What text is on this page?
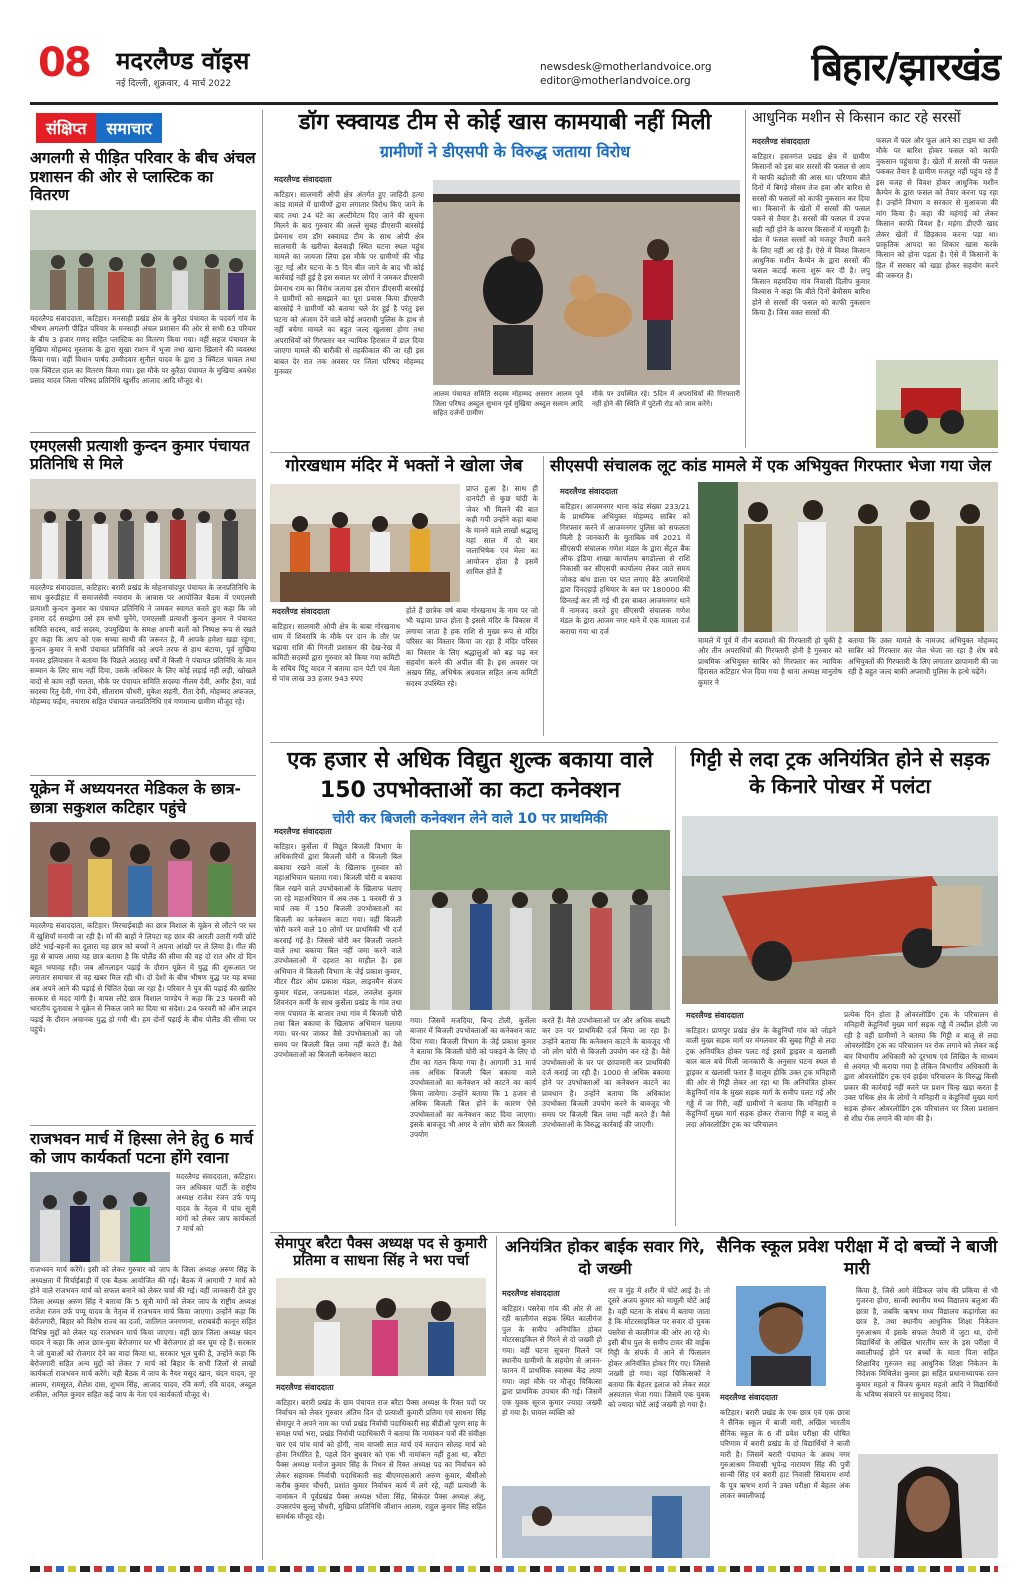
08 मदरलैण्ड वॉइस
नई दिल्ली, शुक्रवार, 4 मार्च 2022
newsdesk@motherlandvoice.org
editor@motherlandvoice.org	बिहार/झारखंड
संक्षिप्त समाचार
अगलगी से पीड़ित परिवार के बीच अंचल प्रशासन की ओर से प्लास्टिक का वितरण
मदरलैण्ड संवाददाता, कटिहार। मनसाही प्रखंड क्षेत्र के कुरैठा पंचायत के पदवर्ग गांव के भीषण अगलगी पीड़ित परिवार के मनसाही अंचल प्रशासन की ओर से सभी 63 परिवार के बीच 3 हजार गणद सहित प्लास्टिक का वितरण किया गया। वहीं सहज पंचायत के मुखिया मोहम्मद मुस्ताक के द्वारा सूखा राशन में भूजा तथा खाना खिलाने की व्यवस्था किया गया। वहीं विधान पार्षद उम्मीदवार सुनील यादव के द्वारा 3 क्विंटल चावल तथा एक क्विंटल दाल का वितरण किया गया। इस मौके पर कुरैठा पंचायत के मुखिया अवधेश प्रसाद यादव जिला परिषद प्रतिनिधि खुर्शीद आजाद आदि मौजूद थे।
एमएलसी प्रत्याशी कुन्दन कुमार पंचायत प्रतिनिधि से मिले
मदरलैण्ड संवाददाता, कटिहार। बरारी प्रखंड के मोहनाचांदपुर पंचायत के जनप्रतिनिधि के साथ कुरुडीहाट में समाजसेवी नयाराम के आवास पर आयोजित बैठक में एमएलसी प्रत्याशी कुन्दन कुमार का पंचायत प्रतिनिधि ने जमकर स्वागत करते हुए कहा कि जो हमारा दर्द समझेगा उसे हम सभी चुनेंगे, एमएलसी प्रत्याशी कुन्दन कुमार ने पंचायत समिति सदस्य, वार्ड सदस्य, उपमुखिया के समक्ष अपनी बातों को निष्पक्ष रूप से रखते हुए कहा कि आप को एक सच्चा साथी की जरूरत है, मैं आपके हमेशा खड़ा रहूंगा, कुन्दन कुमार ने सभी पंचायत प्रतिनिधि को अपने तरफ से हाथ बंटाया, पूर्व मुखिया मनवर इलियासन ने बताया कि पिछले अठारह वर्षों में किसी ने पंचायत प्रतिनिधि के मान सम्मान के लिए साथ नहीं दिया, उसके अधिकार के लिए कोई लड़ाई नहीं लड़ी, खोखले वादों से काम नहीं चलता, मौके पर पंचायत समिति सदस्या नीलम देवी, अमीर हैया, वार्ड सदस्या रितु देवी, गंगा देवी, सीताराम चौधरी, मुकेश सहनी, रीता देवी, मोहम्मद अफजल, मोहम्मद फईम, नयाराम सहित पंचायत जनप्रतिनिधि एवं गणमान्य ग्रामीण मौजूद रहे।
यूक्रेन में अध्ययनरत मेडिकल के छात्र-छात्रा सकुशल कटिहार पहुंचे
मदरलैण्ड संवाददाता, कटिहार। मिरचाईबाड़ी का छात्र विशाल के यूक्रेन से लौटने पर घर में खुशियाँ मनायी जा रही है। माँ की बाहों ने लिपटा यह छात्र की आरती उतारी गयी छोटे छोटे भाई-बहनों का दुलारा यह छात्र को बच्चों ने अपना आंखों पर ले लिया है। गीत की मुह से बापस आया यह छात्र बताया है कि पोलैंड की सीमा की वह दो रात और दो दिन बहुत भयावह रही। जब ऑनलाइन पढ़ाई के दौरान यूक्रेन में युद्ध की शुरूआत पर लगातार समाचार से वह खबर मिल रही थी। दो देशों के बीच भीषण युद्ध पर यह बच्चा अब अपने आने की पढ़ाई से चिंतित देखा जा रहा है। परिवार ने पुत्र की पढ़ाई की खातिर सरकार से मदद मांगी है। वापस लौटे छात्र विशाल पाण्डेय ने कहा कि 23 फरवरी को भारतीय दूतावास ने यूक्रेन से निकल जाने का दिया था संदेश। 24 फरवरी को ऑन लाइन पढ़ाई के दौरान अचानक युद्ध हो गयी थी। हम दोनों पढ़ाई के बीच पोलैंड की सीमा पर पहुंचे।
राजभवन मार्च में हिस्सा लेने हेतु 6 मार्च को जाप कार्यकर्ता पटना होंगे रवाना
मदरलैण्ड संवाददाता, कटिहार। जन अधिकार पार्टी के राष्ट्रीय अध्यक्ष राजेश रंजन उर्फ पप्पू यादव के नेतृत्व में पांच सूत्री मांगों को लेकर जाप कार्यकर्ता 7 मार्च को
राजभवन मार्च करेंगे। इसी को लेकर गुरुवार को जाप के जिला अध्यक्ष अरुण सिंह के अध्यक्षता में मिर्चाईबाड़ी में एक बैठक आयोजित की गई। बैठक में आगामी 7 मार्च को होने वाले राजभवन मार्च को सफल बनाने को लेकर चर्चा की गई। वहीं जानकारी देते हुए जिला अध्यक्ष अरुण सिंह ने बताया कि 5 सूत्री मांगों को लेकर जाप के राष्ट्रीय अध्यक्ष राजेश रंजन उर्फ पप्पू यादव के नेतृत्व में राजभवन मार्च किया जाएगा। उन्होंने कहा कि बेरोजगारी, बिहार को विशेष राज्य का दर्जा, जातिगत जनगणना, शराबबंदी कानून सहित विभिन्न मुद्दों को लेकर यह राजभवन मार्च किया जाएगा। वहीं छात्र जिला अध्यक्ष चंदन यादव ने कहा कि आज छात्र-युवा बेरोजगार घर भी बेरोजगार हो कर घूम रहे हैं। सरकार ने जो युवाओं को रोजगार देने का वादा किया था, सरकार भूल चुकी है, उन्होंने कहा कि बेरोजगारी सहित अन्य मुद्दों को लेकर 7 मार्च को बिहार के सभी जिलों से लाखों कार्यकर्ता राजभवन मार्च करेंगे। वही बैठक में जाप के नैयर मसूद खान, चंदन यादव, नूर आलम, रामसूरत, शैलेश दास, शुभम सिंह, आजाद यादव, रवि कर्ण, रवि यादव, अब्दुल शकील, अनिल कुमार सहित कई जाप के नेता एवं कार्यकर्ता मौजूद थे।
डॉग स्क्वायड टीम से कोई खास कामयाबी नहीं मिली
ग्रामीणों ने डीएसपी के विरुद्ध जताया विरोध
मदरलैण्ड संवाददाता
कटिहार। सालमारी ओपी क्षेत्र अंतर्गत हुए जाहिदी हत्या कांड मामले में ग्रामीणों द्वारा लगातार विरोध किए जाने के बाद तथा 24 घंटे का अल्टीमेटम दिए जाने की सूचना मिलने के बाद गुरुवार की अल्ले सुबह डीएसपी बारसोई प्रेमनाथ राम डॉग स्क्वायड टीम के साथ ओपी क्षेत्र सालमारी के खरीफा बेलवाड़ी स्थित घटना स्थल पहुंच मामले का जायजा लिया इस मौके पर ग्रामीणों की भीड़ जुट गई और घटना के 5 दिन बीत जाने के बाद भी कोई कार्रवाई नहीं हुई है इस सवाल पर लोगों ने जमकर डीएसपी प्रेमनाथ राम का विरोध जताया इस दौरान डीएसपी बारसोई ने ग्रामीणों को समझाने का पूरा प्रयास किया डीएसपी बारसोई ने ग्रामीणों को बताया चले देर हुई है परंतु इस घटना को अंजाम देने वाले कोई अपराधी पुलिस के हाथ से नहीं बचेगा मामले का बहुत जल्द खुलासा होगा तथा अपराधियों को गिरफ्तार कर न्यायिक हिरासत में डाल दिया जाएगा मामले की बारीकी से तहकीकात की जा रही इस बाबत देर रात तक अवसर पर जिला परिषद मोहम्मद मुनव्वर
आलम पंचायत समिति सदस्य मोहम्मद असरार आलम पूर्व जिला परिषद अब्दुल सुभान पूर्व मुखिया अब्दुल सलाम आदि सहित दर्जनों ग्रामीण
मौके पर उपस्थित रहे। 5दिन में अपराधियों की गिरफ्तारी नहीं होने की स्थिति में पुटेली रोड को जाम करेंगे।
आधुनिक मशीन से किसान काट रहे सरसों
मदरलैण्ड संवाददाता
कटिहार। हसनगंज प्रखंड क्षेत्र में ग्रामीण किसानों को इस बार सरसों की फसल से आय में काफी बढ़ोतरी की आस था। परिणाम बीते दिनों में बिगड़े मौसम तेज हवा और बारिश से सरसों की फसलों को काफी नुकसान कर दिया था। किसानों के खेतों में सरसों की फसल पकने से तैयार है। सरसों की फसल में उपज सही नहीं होने के कारण किसानों में मायूसी है। खेत में फसल सरसों को मजदूर तैयारी करने के लिए नहीं आ रहे हैं। ऐसे में विवश किसान आधुनिक मशीन कैम्पेन के द्वारा सरसों की फसल कटाई करना शुरू कर दी है। लपु किसान महमदिया गांव निवासी दिलीप कुमार विश्वास ने कहा कि बीते दिनों बेमौसम बारिश होने से सरसों की फसल को काफी नुकसान किया है। जिस वक्त सरसों की
फसल में फल और फूल आने का टाइम था उसी मौके पर बारिश होकर फसल को काफी नुकसान पहुंचाया है। खेतों में सरसों की फसल पककर तैयार है ग्रामीण मजदूर नहीं पहुंच रहे हैं इस वजह से विवश होकर आधुनिक मशीन कैम्पेन के द्वारा फसल को तैयार करना पड़ रहा है। उन्होंने विभाग व सरकार से मुआवजा की मांग किया है। कहा की महंगाई को लेकर किसान काफी विवश है। महंगा डीएपी खाद लेकर खेतों में छिड़काव करना पड़ा था। प्राकृतिक आपदा का शिकार खास करके किसान को होना पड़ता है। ऐसे में किसानों के हित में सरकार को खड़ा होकर सहयोग करने की जरूरत है।
गोरखधाम मंदिर में भक्तों ने खोला जेब
प्राप्त हुआ है। साथ ही दानपेटी से कुछ चांदी के जेवर भी मिलने की बात कही गयी उन्होंने कहा बाबा के मानने वाले लाखों श्रद्धालु यहां साल में दो बार जलाभिषेक एवं मेला का आयोजन होता है इसमें शामिल होते हैं
मदरलैण्ड संवाददाता
कटिहार। सालमारी ओपी क्षेत्र के बाबा गोरखनाथ धाम में शिवरात्रि के मौके पर दान के तौर पर चढ़ावा राशि की गिनती प्रशासन की देख-रेख में कमिटी सदस्यों द्वारा गुरुवार को किया गया कमिटी के सचिव पिंटू यादव ने बताया दान पेटी एवं मेला से पांच लाख 33 हजार 943 रुपए
होते हैं छात्रेक वर्ष बाबा गोरखनाथ के नाम पर जो भी चढ़ावा प्राप्त होता है इससे मंदिर के विकास में लगाया जाता है हक राशि से मुख्य रूप से मंदिर परिसर का विस्तार किया जा रहा है मंदिर परिसर का विस्तार के लिए श्रद्धालुओं को बढ़ चढ़ कर सहयोग करने की अपील की है। इस अवसर पर अखय सिंह, अभिषेक अग्रवाल सहित अन्य कमिटी सदस्य उपस्थित रहे।
सीएसपी संचालक लूट कांड मामले में एक अभियुक्त गिरफ्तार भेजा गया जेल
मदरलैण्ड संवाददाता
कटिहार। आजमनगर थाना कांड संख्या 233/21 के प्राथमिक अभियुक्त मोहम्मद साबिर को गिरफ्तार करने में आजमनगर पुलिस को सफलता मिली है जानकारी के मुताबिक वर्ष 2021 में सीएसपी संचालक गणेश मंडल के द्वारा सेंट्रल बैंक ऑफ इंडिया शाखा कार्यालय बगडोल्ला से राशि निकासी कर सीएसपी कार्यालय लेकर जाते समय जोकड़ बांध डाला पर घात लगाए बैठे अपराधियों द्वारा दिनदहाड़े हथियार के बल पर 180000 की छिनतई कर ली गई थी इस बाबत आजमनगर थाने में नामजद करते हुए सीएसपी संचालक गणेश मंडल के द्वारा आजम नगर थाने में एक मामला दर्ज कराया गया था दर्ज
मामले में पूर्व में तीन बदमाशों की गिरफ्तारी हो चुकी है और तीन अपराधियों की गिरफ्तारी होनी है गुरुवार को प्राथमिक अभियुक्त साबिर को गिरफ्तार कर न्यायिक हिरासत कटिहार भेज दिया गया है थाना अध्यक्ष मानुतोष कुमार ने
बताया कि उक्त मामले के नामजद अभियुक्त मोहम्मद साबिर को गिरफ्तार कर जेल भेजा जा रहा है शेष बचे अभियुक्तों की गिरफ्तारी के लिए लगातार छापामारी की जा रही है बहुत जल्द बाकी अपराधी पुलिस के हत्थे चढ़ेंगे।
एक हजार से अधिक विद्युत शुल्क बकाया वाले 150 उपभोक्ताओं का कटा कनेक्शन
चोरी कर बिजली कनेक्शन लेने वाले 10 पर प्राथमिकी
मदरलैण्ड संवाददाता
कटिहार। कुर्सेला में विद्युत बिजली विभाग के अधिकारियों द्वारा बिजली चोरी व बिजली बिल बकाया रखने वालों के खिलाफ गुरुवार को महाअभियान चलाया गया। बिजली चोरी व बकाया बिल रखने वाले उपभोक्ताओं के खिलाफ चलाए जा रहे महाअभियान में अब तक 1 फरवरी से 3 मार्च तक में 150 बिजली उपभोक्ताओं का बिजली का कनेक्शन काटा गया। वहीं बिजली चोरी करने वाले 10 लोगों पर प्राथमिकी भी दर्ज करवाई गई है। जिससे चोरी कर बिजली जलाने वाले तथा बकाया बिल नहीं जमा करने वाले उपभोक्ताओं में दहशत का माहौल है। इस अभियान में बिजली विभाग के जेई प्रकाश कुमार, मीटर रीडर ओम प्रकाश मंडल, लाइनमैन संजय कुमार मंडल, जनप्रकाश मंडल, लवलेश कुमार शिवनंदन कर्मी के साथ कुर्सेला प्रखंड के गांव तथा नगर पंचायत के बाजार तथा गांव में बिजली चोरी तथा बिल बकाया के खिलाफ अभियान चलाया गया। घर-घर जाकर वैसे उपभोक्ताओं का जो समय पर बिजली बिल जमा नहीं करते हैं। वैसे उपभोक्ताओं का बिजली कनेक्शन काटा
गया। जिसमें मजदिया, बिन्द टोली, कुर्सेला बाजार में बिजली उपभोक्ताओं का कनेक्शन काट दिया गया। बिजली विभाग के जेई प्रकाश कुमार ने बताया कि बिजली चोरी को पकड़ने के लिए दो टीम का गठन किया गया है। आगामी 31 मार्च तक अधिक बिजली बिल बकाया वाले उपभोक्ताओं का कनेक्शन को काटने का कार्य किया जायेगा। उन्होंने बताया कि 1 हजार से अधिक बिजली बिल होने के कारण ऐसे उपभोक्ताओं का कनेक्शन काट दिया जाएगा। इसके बावजूद भी अगर वे लोग चोरी कर बिजली उपयोग
करते हैं। वैसे उपभोक्ताओं पर और अधिक सख्ती कर उन पर प्राथमिकी दर्ज किया जा रहा है। उन्होंने बताया कि कनेक्शन काटने के बावजूद भी जो लोग चोरी से बिजली उपयोग कर रहे हैं। वैसे उपभोक्ताओं के घर पर छापामारी कर प्राथमिकी दर्ज कराई जा रही है। 1000 से अधिक बकाया होने पर उपभोक्ताओं का कनेक्शन काटने का प्रावधान है। उन्होंने बताया कि अधिकांश उपभोक्ता बिजली उपयोग करने के बावजूद भी समय पर बिजली बिल जमा नहीं करते हैं। वैसे उपभोक्ताओं के विरुद्ध कार्रवाई की जाएगी।
गिट्टी से लदा ट्रक अनियंत्रित होने से सड़क के किनारे पोखर में पलंटा
मदरलैण्ड संवाददाता
कटिहार। प्राणपुर प्रखंड क्षेत्र के केहुनियाँ गांव को जोड़ने वाली मुख्य सड़क मार्ग पर मंगलवार की सुबह गिट्टी से लदा ट्रक अनियंत्रित होकर पलट गई इसमें ड्राइवर व खलासी बाल बाल बचे मिली जानकारी के अनुसार घटना स्थल से ड्राइवर व खलासी फरार हैं मालूम होकि उक्त ट्रक मनिहारी की ओर से गिट्टी लेकर आ रहा था कि अनियंत्रित होकर केहुनियाँ गांव के मुख्य सड़क मार्ग के समीप पलट गई और गड्ढे में जा गिरी, वहीं ग्रामीणों ने बताया कि मनिहारी व केहुनियाँ मुख्य मार्ग सड़क होकर रोजाना गिट्टी व बालू से लदा ओवरलोडिंग ट्रक का परिचालन
प्रत्येक दिन होता है ओवरलोडिंग ट्रक के परिचालन से मनिहारी केहुनियाँ मुख्य मार्ग सड़क गड्ढे में तब्दील होती जा रही है वहीं ग्रामीणों ने बताया कि गिट्टी व बालू से लदा ओवरलोडिंग ट्रक का परिचालन पर रोक लगाने को लेकर कई बार विभागीय अधिकारी को दूरभाष एवं लिखित के माध्यम से अवगत भी कराया गया है लेकिन विभागीय अधिकारी के द्वारा ओवरलोडिंग ट्रक एवं हाईवा परिचालन के विरुद्ध किसी प्रकार की कार्रवाई नहीं करने पर प्रशन चिन्ह खड़ा करता है उक्त पथिक क्षेत्र के लोगों ने मनिहारी व केहुनियाँ मुख्य मार्ग सड़क होकर ओवरलोडिंग ट्रक परिचालन पर जिला प्रशासन से शीघ्र रोक लगाने की मांग की है।
सेमापुर बरैटा पैक्स अध्यक्ष पद से कुमारी प्रतिमा व साधना सिंह ने भरा पर्चा
मदरलैण्ड संवाददाता
कटिहार। बरारी प्रखंड के ग्राम पंचायत राज बरैटा पैक्स अध्यक्ष के रिक्त पदों पर निर्वाचन को लेकर गुरुवार अंतिम दिन दो प्रत्याशी कुमारी प्रतिमा एवं साधना सिंह सेमापुर ने अपने नाम का पर्चा प्रखंड निर्वाची पदाधिकारी सह बीडीओ पूरण साह के समक्ष पर्चा भरा, प्रखंड निर्वाची पदाधिकारी ने बताया कि नामांकन पत्रों की संवीक्षा चार एवं पांच मार्च को होगी, नाम वापसी सात मार्च एवं मतदान सोलह मार्च को होना निर्धारित है, पहले दिन बुधवार को एक भी नामांकन नहीं हुआ था, बरैटा पैक्स अध्यक्ष मनोज कुमार सिंह के निधन से रिक्त अध्यक्ष पद का निर्वाचन को लेकर सहायक निर्वाची पदाधिकारी सह बीएमएसआरो अरुण कुमार, बीसीओ करीब कुमार चौधरी, प्रशांत कुमार निर्वाचन कार्य में लगे रहे, वहीं प्रत्याशी के नामांकन में पूर्वप्रखंड पैक्स अध्यक्ष भोला सिंह, सिकंदर पैक्स अध्यक्ष अंशु, उपसरपंच बुल्लु चौधरी, मुखिया प्रतिनिधि जीशान आलम, राहुल कुमार सिंह सहित समर्थक मौजूद रहे।
अनियंत्रित होकर बाईक सवार गिरे, दो जख्मी
मदरलैण्ड संवाददाता
कटिहार। पसरेवा गांव की ओर से आ रही कालीगंज सड़क स्थित कालीगंज पुल के समीप अनियंत्रित होकर मोटरसाइकिल से गिरने से दो जख्मी हो गया। वहीं घटना सूचना मिलने पर स्थानीय ग्रामीणों के सहयोग से आनन-फानन में प्राथमिक स्वास्थ्य केंद्र लाया गया। जहां मौके पर मौजूद चिकित्सा द्वारा प्राथमिक उपचार की गई। जिसमें एक युवक सूरज कुमार ज्यादा जख्मी हो गया है। घायल व्यक्ति को
शर व मुंह में शरीर में चोटें आई है। तो दूसरे अजय कुमार को मामूली चोटें आई है। वहीं घटना के संबंध में बताया जाता है कि मोटरसाइकिल पर सवार दो युवक पसरेवा से कालीगंज की ओर आ रहे थे। इसी बीच पुल के समीप टायर की वाईक गिट्टी के संपर्क में आने से फिसलन होकर अनियंत्रित होकर गिर गए। जिससे जख्मी हो गया। वहां चिकित्सकों ने बताया कि बेहतर इलाज को लेकर सदर अस्पताल भेजा गया। जिसमें एक युवक को ज्यादा चोटें आई जख्मी हो गया है।
सैनिक स्कूल प्रवेश परीक्षा में दो बच्चों ने बाजी मारी
मदरलैण्ड संवाददाता
किया है, जिसे आगे मेडिकल जांच की प्रकिया से भी गुजरना होगा, सान्वी स्थानीय मध्य विद्यालय बलुआ की छात्रा है, जबकि ऋषभ मध्य विद्यालय कढ़ागोला का छात्र है, तथा स्थानीय आधुनिक शिक्षा निकेतन गुरुआश्रम में इसके सफल तैयारी में जुटा था, दोनों विद्यार्थियों के अखिल भारतीय स्तर के इस परीक्षा में क्वालीफाई होने पर बच्चों के माता पिता सहित शिक्षाविद गुरुजन सह आधुनिक शिक्षा निकेतन के निदेशक मिथिलेश कुमार झा सहित प्रधानाध्यापक रतन कुमार महतो व विजय कुमार महतो आदि ने विद्यार्थियों के भविष्य संवारने पर साधुवाद दिया।
कटिहार। बरारी प्रखंड के एक छात्र एवं एक छात्रा ने सैनिक स्कूल में बाजी मारी, अखिल भारतीय सैनिक स्कूल के 6 वीं प्रवेश परीक्षा की घोषित परिणाम में बरारी प्रखंड के दो विद्यार्थियों ने बाजी मारी है। जिसमें बरारी पंचायत के अवध नगर गुरुआश्रम निवासी भूपेन्द्र नारायण सिंह की पुत्री सान्वी सिंह एवं बरारी हाट निवासी सियाराम शर्मा के पुत्र ऋषभ शर्मा ने उक्त परीक्षा में बेहतर अंक लाकर क्वालीफाई
